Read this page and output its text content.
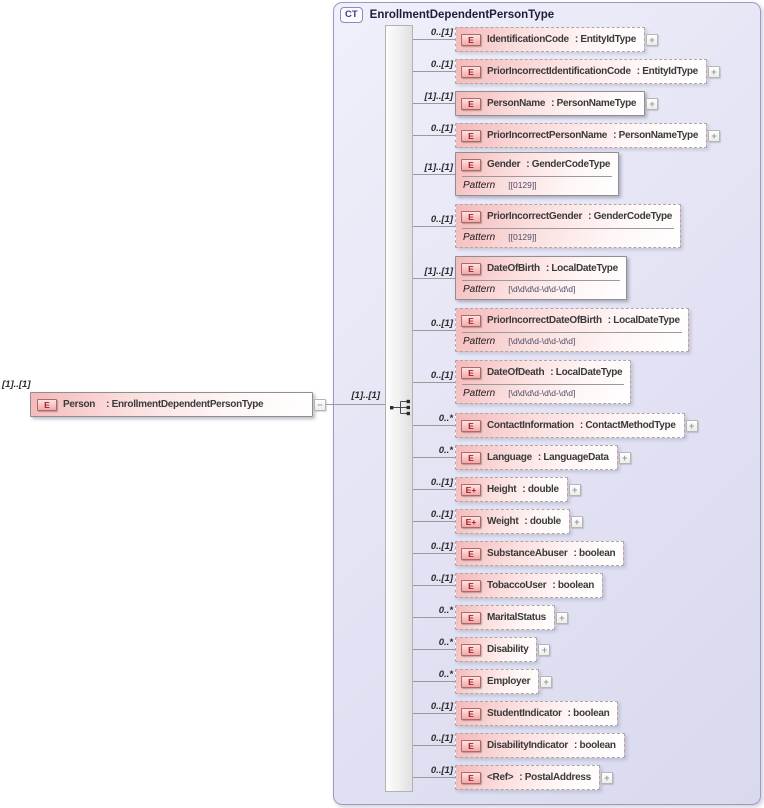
CT	EnrollmentDependentPersonType
[1]..[1]
E	Person : EnrollmentDependentPersonType	−
[1]..[1]
0..[1]
E	IdentificationCode : EntityIdType	+
0..[1]
E	PriorIncorrectIdentificationCode : EntityIdType	+
[1]..[1]
E	PersonName : PersonNameType	+
0..[1]
E	PriorIncorrectPersonName : PersonNameType	+
[1]..[1]	E	Gender : GenderCodeType
Pattern [[0129]]
0..[1]	E	PriorIncorrectGender : GenderCodeType
Pattern [[0129]]
[1]..[1]	E	DateOfBirth : LocalDateType
Pattern [\d\d\d\d-\d\d-\d\d]
0..[1]	E	PriorIncorrectDateOfBirth : LocalDateType
Pattern [\d\d\d\d-\d\d-\d\d]
0..[1]	E	DateOfDeath : LocalDateType
Pattern [\d\d\d\d-\d\d-\d\d]
0..*
E	ContactInformation : ContactMethodType	+
0..*
E	Language : LanguageData	+
0..[1]
E+	Height : double	+
0..[1]
E+	Weight : double	+
0..[1]
E	SubstanceAbuser : boolean
0..[1]
E	TobaccoUser : boolean
0..*
E	MaritalStatus	+
0..*
E	Disability	+
0..*
E	Employer	+
0..[1]
E	StudentIndicator : boolean
0..[1]
E	DisabilityIndicator : boolean
0..[1]
E	<Ref> : PostalAddress	+
